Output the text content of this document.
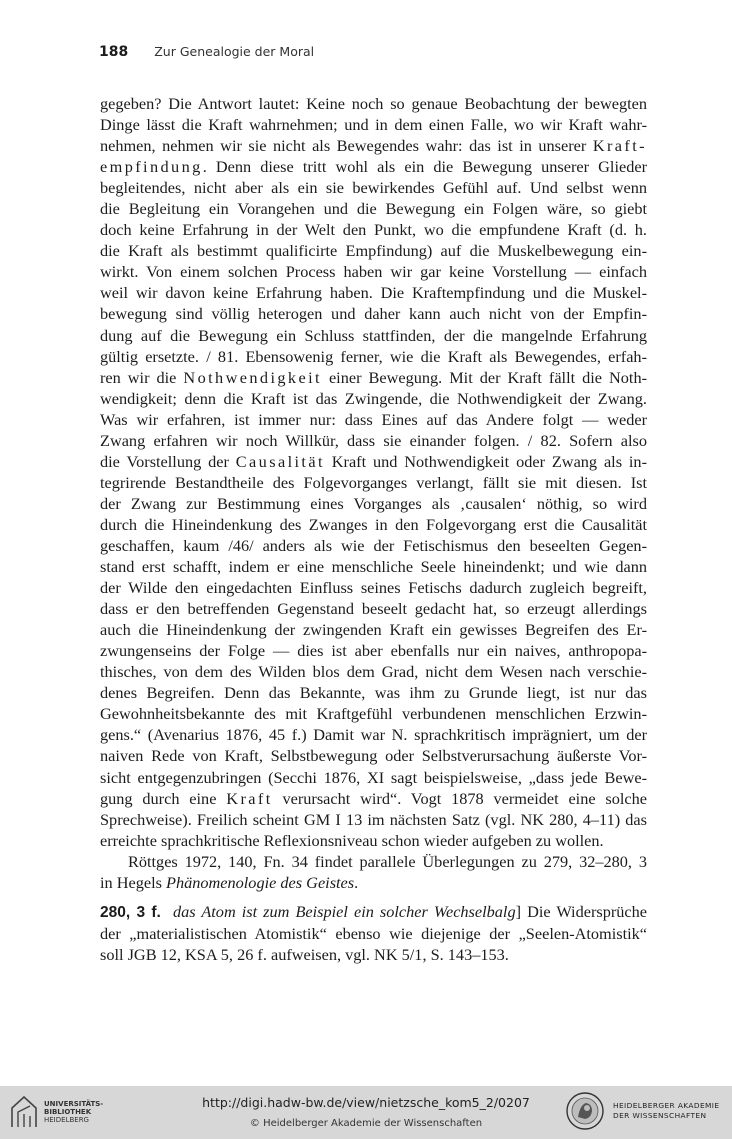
188 Zur Genealogie der Moral
gegeben? Die Antwort lautet: Keine noch so genaue Beobachtung der bewegten
Dinge lässt die Kraft wahrnehmen; und in dem einen Falle, wo wir Kraft wahr-
nehmen, nehmen wir sie nicht als Bewegendes wahr: das ist in unserer Kraft-
empfindung. Denn diese tritt wohl als ein die Bewegung unserer Glieder
begleitendes, nicht aber als ein sie bewirkendes Gefühl auf. Und selbst wenn
die Begleitung ein Vorangehen und die Bewegung ein Folgen wäre, so giebt
doch keine Erfahrung in der Welt den Punkt, wo die empfundene Kraft (d. h.
die Kraft als bestimmt qualificirte Empfindung) auf die Muskelbewegung ein-
wirkt. Von einem solchen Process haben wir gar keine Vorstellung — einfach
weil wir davon keine Erfahrung haben. Die Kraftempfindung und die Muskel-
bewegung sind völlig heterogen und daher kann auch nicht von der Empfin-
dung auf die Bewegung ein Schluss stattfinden, der die mangelnde Erfahrung
gültig ersetzte. / 81. Ebensowenig ferner, wie die Kraft als Bewegendes, erfah-
ren wir die Nothwendigkeit einer Bewegung. Mit der Kraft fällt die Noth-
wendigkeit; denn die Kraft ist das Zwingende, die Nothwendigkeit der Zwang.
Was wir erfahren, ist immer nur: dass Eines auf das Andere folgt — weder
Zwang erfahren wir noch Willkür, dass sie einander folgen. / 82. Sofern also
die Vorstellung der Causalität Kraft und Nothwendigkeit oder Zwang als in-
tegrirende Bestandtheile des Folgevorganges verlangt, fällt sie mit diesen. Ist
der Zwang zur Bestimmung eines Vorganges als ‚causalen‘ nöthig, so wird
durch die Hineindenkung des Zwanges in den Folgevorgang erst die Causalität
geschaffen, kaum /46/ anders als wie der Fetischismus den beseelten Gegen-
stand erst schafft, indem er eine menschliche Seele hineindenkt; und wie dann
der Wilde den eingedachten Einfluss seines Fetischs dadurch zugleich begreift,
dass er den betreffenden Gegenstand beseelt gedacht hat, so erzeugt allerdings
auch die Hineindenkung der zwingenden Kraft ein gewisses Begreifen des Er-
zwungenseins der Folge — dies ist aber ebenfalls nur ein naives, anthropopa-
thisches, von dem des Wilden blos dem Grad, nicht dem Wesen nach verschie-
denes Begreifen. Denn das Bekannte, was ihm zu Grunde liegt, ist nur das
Gewohnheitsbekannte des mit Kraftgefühl verbundenen menschlichen Erzwin-
gens.“ (Avenarius 1876, 45 f.) Damit war N. sprachkritisch imprägniert, um der
naiven Rede von Kraft, Selbstbewegung oder Selbstverursachung äußerste Vor-
sicht entgegenzubringen (Secchi 1876, XI sagt beispielsweise, „dass jede Bewe-
gung durch eine Kraft verursacht wird“. Vogt 1878 vermeidet eine solche
Sprechweise). Freilich scheint GM I 13 im nächsten Satz (vgl. NK 280, 4–11) das
erreichte sprachkritische Reflexionsniveau schon wieder aufgeben zu wollen.
Röttges 1972, 140, Fn. 34 findet parallele Überlegungen zu 279, 32–280, 3
in Hegels Phänomenologie des Geistes.
280, 3 f. das Atom ist zum Beispiel ein solcher Wechselbalg] Die Widersprüche
der „materialistischen Atomistik“ ebenso wie diejenige der „Seelen-Atomistik“
soll JGB 12, KSA 5, 26 f. aufweisen, vgl. NK 5/1, S. 143–153.
UNIVERSITÄTS-
BIBLIOTHEK
HEIDELBERG
http://digi.hadw-bw.de/view/nietzsche_kom5_2/0207
© Heidelberger Akademie der Wissenschaften
HEIDELBERGER AKADEMIE
DER WISSENSCHAFTEN
